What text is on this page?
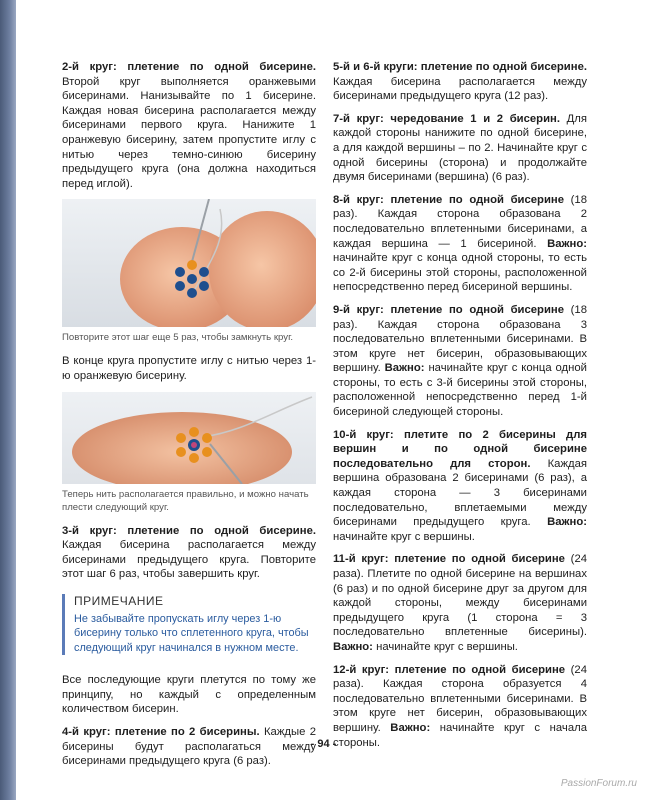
2-й круг: плетение по одной бисерине. Второй круг выполняется оранжевыми бисеринами. Нанизывайте по 1 бисерине. Каждая новая бисерина располагается между бисеринами первого круга. Нанижите 1 оранжевую бисерину, затем пропустите иглу с нитью через темно-синюю бисерину предыдущего круга (она должна находиться перед иглой).

Повторите этот шаг еще 5 раз, чтобы замкнуть круг.

В конце круга пропустите иглу с нитью через 1-ю оранжевую бисерину.

Теперь нить располагается правильно, и можно начать плести следующий круг.

3-й круг: плетение по одной бисерине. Каждая бисерина располагается между бисеринами предыдущего круга. Повторите этот шаг 6 раз, чтобы завершить круг.

ПРИМЕЧАНИЕ
Не забывайте пропускать иглу через 1-ю бисерину только что сплетенного круга, чтобы следующий круг начинался в нужном месте.

Все последующие круги плетутся по тому же принципу, но каждый с определенным количеством бисерин.

4-й круг: плетение по 2 бисерины. Каждые 2 бисерины будут располагаться между бисеринами предыдущего круга (6 раз).

5-й и 6-й круги: плетение по одной бисерине. Каждая бисерина располагается между бисеринами предыдущего круга (12 раз).

7-й круг: чередование 1 и 2 бисерин. Для каждой стороны нанижите по одной бисерине, а для каждой вершины – по 2. Начинайте круг с одной бисерины (сторона) и продолжайте двумя бисеринами (вершина) (6 раз).

8-й круг: плетение по одной бисерине (18 раз). Каждая сторона образована 2 последовательно вплетенными бисеринами, а каждая вершина — 1 бисериной. Важно: начинайте круг с конца одной стороны, то есть со 2-й бисерины этой стороны, расположенной непосредственно перед бисериной вершины.

9-й круг: плетение по одной бисерине (18 раз). Каждая сторона образована 3 последовательно вплетенными бисеринами. В этом круге нет бисерин, образовывающих вершину. Важно: начинайте круг с конца одной стороны, то есть с 3-й бисерины этой стороны, расположенной непосредственно перед 1-й бисериной следующей стороны.

10-й круг: плетите по 2 бисерины для вершин и по одной бисерине последовательно для сторон. Каждая вершина образована 2 бисеринами (6 раз), а каждая сторона — 3 бисеринами последовательно, вплетаемыми между бисеринами предыдущего круга. Важно: начинайте круг с вершины.

11-й круг: плетение по одной бисерине (24 раза). Плетите по одной бисерине на вершинах (6 раз) и по одной бисерине друг за другом для каждой стороны, между бисеринами предыдущего круга (1 сторона = 3 последовательно вплетенные бисерины). Важно: начинайте круг с вершины.

12-й круг: плетение по одной бисерине (24 раза). Каждая сторона образуется 4 последовательно вплетенными бисеринами. В этом круге нет бисерин, образовывающих вершину. Важно: начинайте круг с начала стороны.

- 94 -
PassionForum.ru
